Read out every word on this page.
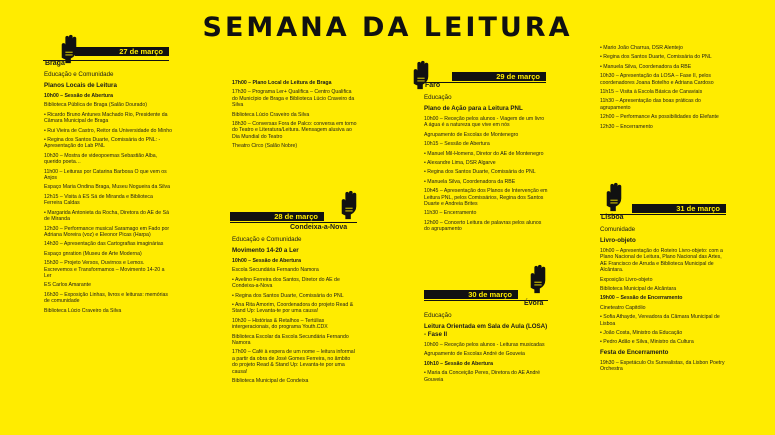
SEMANA DA LEITURA
27 de março
Braga

Educação e Comunidade

Planos Locais de Leitura

10h00 – Sessão de Abertura

Biblioteca Pública de Braga (Salão Dourado)

• Ricardo Bruno Antunes Machado Rio, Presidente da Câmara Municipal de Braga

• Rui Vieira de Castro, Reitor da Universidade do Minho

• Regina dos Santos Duarte, Comissária do PNL: - Apresentação do Lab PNL

10h30 – Mostra de videopoemas Sebastião Alba, querido poeta…

11h00 – Leituras por Catarina Barbosa O que vem os Anjos

Espaço Maria Ondina Braga, Museu Nogueira da Silva

12h15 – Visita à ES Sá de Miranda e Biblioteca Ferreira Caldas

• Margarida Antonieta da Rocha, Diretora do AE de Sá de Miranda

12h30 – Performance musical Saramago em Fado por Adriana Moreira (voz) e Eleonor Picas (Harpa)

14h30 – Apresentação das Cartografias imaginárias

Espaço gnration (Museu de Arte Moderna)

15h30 – Projeto Versos, Ouvirnos e Lemos. Escrevemos e Transformamos – Movimento 14-20 a Ler

ES Carlos Amarante

16h30 – Exposição Linhas, livros e leituras: memórias de comunidade

Biblioteca Lúcio Craveiro da Silva

17h00 – Plano Local de Leitura de Braga

17h30 – Programa Ler+ Qualifica – Centro Qualifica do Município de Braga e Biblioteca Lúcio Craveiro da Silva

Biblioteca Lúcio Craveiro da Silva

18h30 – Conversas Fora de Palco: conversa em torno do Teatro e Literatura/Leitura. Mensagem alusiva ao Dia Mundial do Teatro

Theatro Circo (Salão Nobre)

28 de março
Condeixa-a-Nova

Educação e Comunidade

Movimento 14-20 a Ler

10h00 – Sessão de Abertura

Escola Secundária Fernando Namora

• Avelino Ferreira dos Santos, Diretor do AE de Condeixa-a-Nova

• Regina dos Santos Duarte, Comissária do PNL

• Ana Rita Amorim, Coordenadora do projeto Read & Stand Up: Levanta-te por uma causa!

10h30 – Histórias & Retalhos – Tertúlias intergeracionais, do programa Youth.CDX

Biblioteca Escolar da Escola Secundária Fernando Namora

17h00 – Café à espera de um nome – leitura informal a partir da obra de José Gomes Ferreira, no âmbito do projeto Read & Stand Up: Levanta-te por uma causa!

Biblioteca Municipal de Condeixa

29 de março
Faro

Educação

Plano de Ação para a Leitura PNL

10h00 – Receção pelos alunos - Viagem de um livro A água é a natureza que vive em nós

Agrupamento de Escolas de Montenegro

10h15 – Sessão de Abertura

• Manuel Mil-Homens, Diretor do AE de Montenegro

• Alexandre Lima, DSR Algarve

• Regina dos Santos Duarte, Comissária do PNL

• Manuela Silva, Coordenadora da RBE

10h45 – Apresentação dos Planos de Intervenção em Leitura PNL, pelos Comissários, Regina dos Santos Duarte e Andreia Brites

11h30 – Encerramento

12h00 – Concerto Leitura de palavras pelos alunos do agrupamento

30 de março
Évora

Educação

Leitura Orientada em Sala de Aula (LOSA) - Fase II

10h00 – Receção pelos alunos - Leituras musicadas

Agrupamento de Escolas André de Gouveia

10h10 – Sessão de Abertura

• Maria da Conceição Peres, Diretora do AE André Gouveia

• Mario João Charrua, DSR Alentejo

• Regina dos Santos Duarte, Comissária do PNL

• Manuela Silva, Coordenadora da RBE

10h30 – Apresentação da LOSA – Fase II, pelos coordenadores Joana Botelho e Adriana Cardoso

11h15 – Visita à Escola Básica de Canaviais

11h30 – Apresentação das boas práticas do agrupamento

12h00 – Performance As possibilidades do Elefante

12h30 – Encerramento

31 de março
Lisboa

Comunidade

Livro-objeto

10h00 – Apresentação do Roteiro Livro-objeto: com a Plano Nacional de Leitura, Plano Nacional das Artes, AE Francisco de Arruda e Biblioteca Municipal de Alcântara.

Exposição Livro-objeto

Biblioteca Municipal de Alcântara

19h00 – Sessão de Encerramento

Cineteatro Capitólio

• Sofia Athayde, Vereadora da Câmara Municipal de Lisboa

• João Costa, Ministro da Educação

• Pedro Adão e Silva, Ministro da Cultura

Festa de Encerramento

19h30 – Espetáculo Os Surrealistas, da Lisbon Poetry Orchestra
